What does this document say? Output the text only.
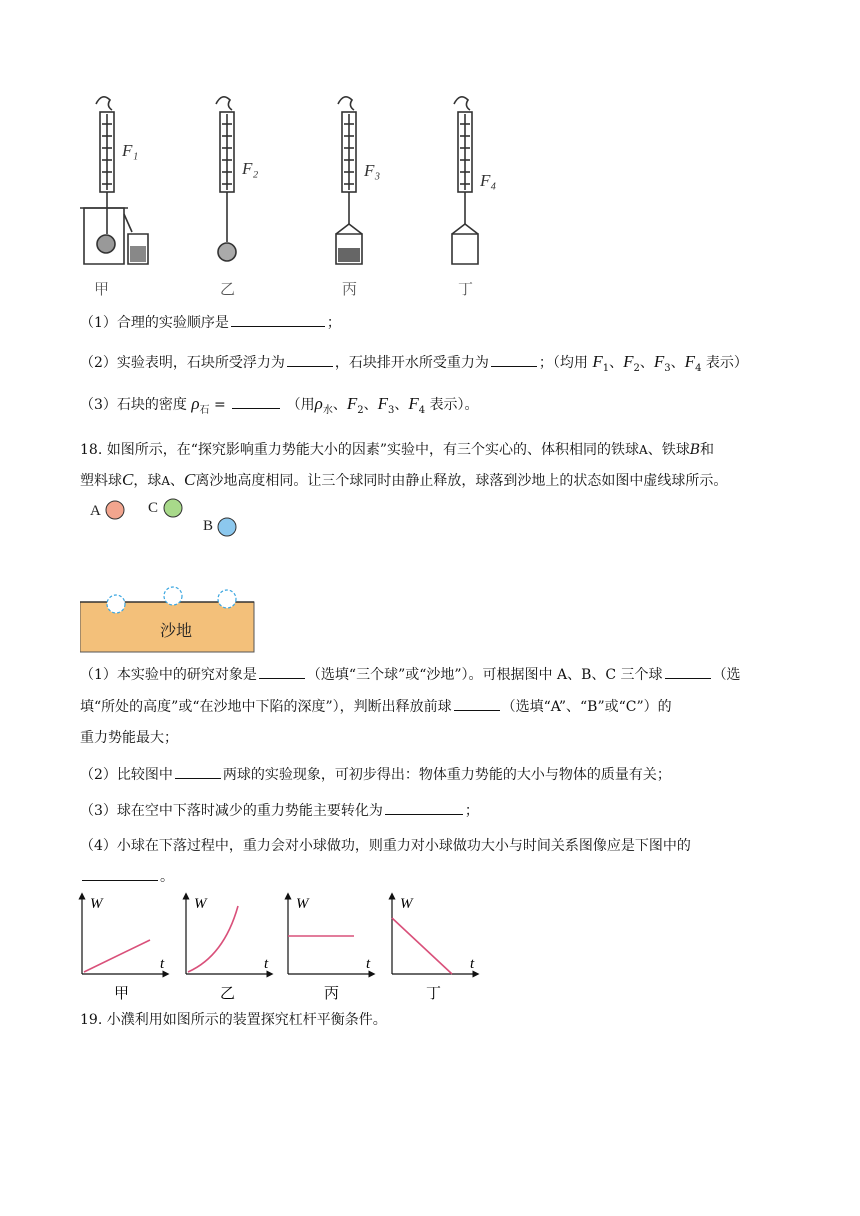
F₁
F₂	F₃
F₄
甲	乙	丙	丁
（1）合理的实验顺序是	；
（2）实验表明，石块所受浮力为	，石块排开水所受重力为	；（均用 $F_1$、$F_2$、$F_3$、$F_4$ 表示）
（3）石块的密度 $\rho_石$ =	（用$\rho_水$、$F_2$、$F_3$、$F_4$ 表示）。
18. 如图所示，在“探究影响重力势能大小的因素”实验中，有三个实心的、体积相同的铁球A、铁球B和
塑料球C，球A、C离沙地高度相同。让三个球同时由静止释放，球落到沙地上的状态如图中虚线球所示。
A	C
B
沙地
（1）本实验中的研究对象是	（选填“三个球”或“沙地”）。可根据图中 A、B、C 三个球	（选
填“所处的高度”或“在沙地中下陷的深度”），判断出释放前球	（选填“A”、“B”或“C”）的
重力势能最大；
（2）比较图中	两球的实验现象，可初步得出：物体重力势能的大小与物体的质量有关；
（3）球在空中下落时减少的重力势能主要转化为	；
（4）小球在下落过程中，重力会对小球做功，则重力对小球做功大小与时间关系图像应是下图中的
。
W
t
甲
W
t
乙
W
t
丙
W
t
丁
19. 小濮利用如图所示的装置探究杠杆平衡条件。
